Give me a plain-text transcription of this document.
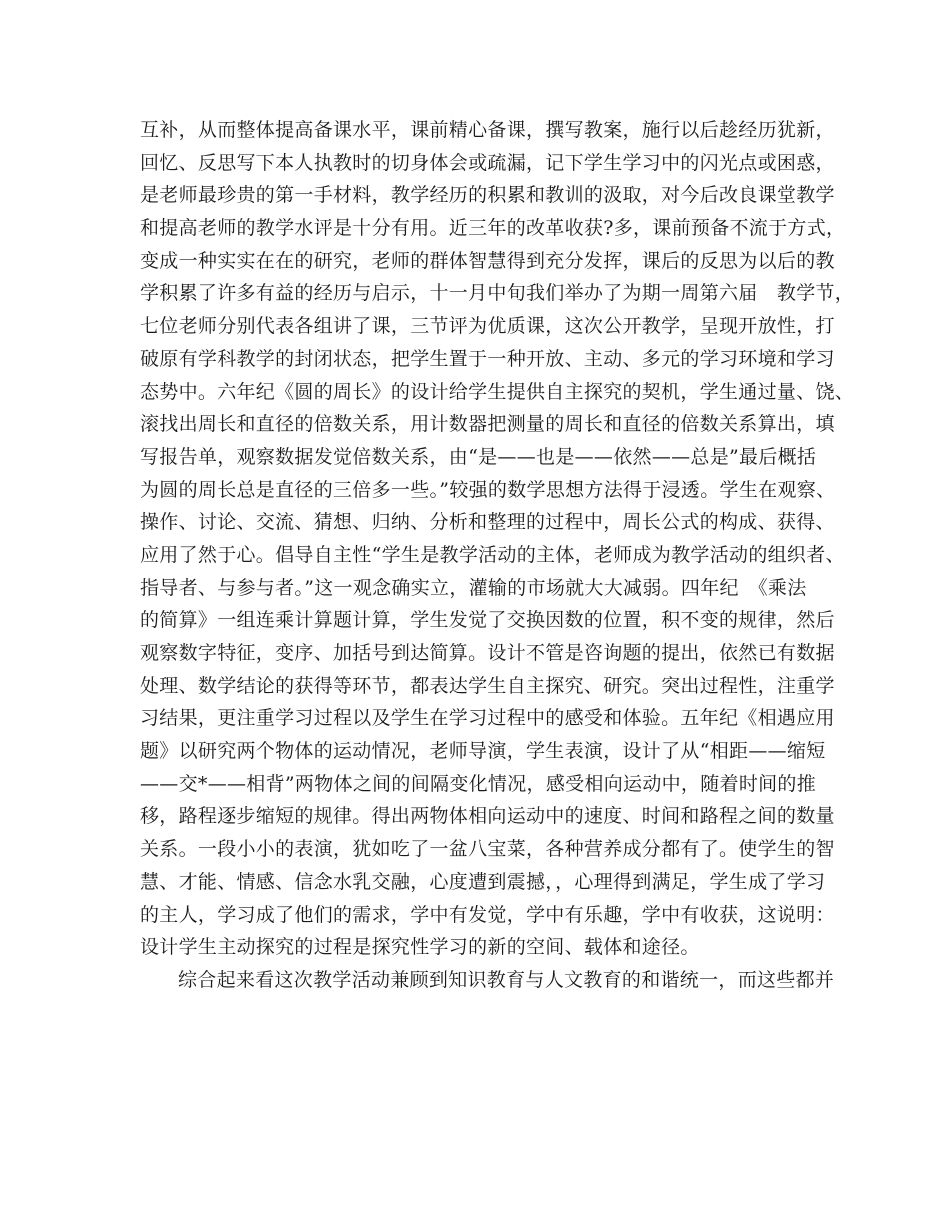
互补，从而整体提高备课水平，课前精心备课，撰写教案，施行以后趁经历犹新，
回忆、反思写下本人执教时的切身体会或疏漏，记下学生学习中的闪光点或困惑，
是老师最珍贵的第一手材料，教学经历的积累和教训的汲取，对今后改良课堂教学
和提高老师的教学水评是十分有用。近三年的改革收获?多，课前预备不流于方式，
变成一种实实在在的研究，老师的群体智慧得到充分发挥，课后的反思为以后的教
学积累了许多有益的经历与启示，十一月中旬我们举办了为期一周第六届　教学节，
七位老师分别代表各组讲了课，三节评为优质课，这次公开教学，呈现开放性，打
破原有学科教学的封闭状态，把学生置于一种开放、主动、多元的学习环境和学习
态势中。六年纪《圆的周长》的设计给学生提供自主探究的契机，学生通过量、饶、
滚找出周长和直径的倍数关系，用计数器把测量的周长和直径的倍数关系算出，填
写报告单，观察数据发觉倍数关系，由“是——也是——依然——总是”最后概括
为圆的周长总是直径的三倍多一些。”较强的数学思想方法得于浸透。学生在观察、
操作、讨论、交流、猜想、归纳、分析和整理的过程中，周长公式的构成、获得、
应用了然于心。倡导自主性“学生是教学活动的主体，老师成为教学活动的组织者、
指导者、与参与者。”这一观念确实立，灌输的市场就大大减弱。四年纪　《乘法
的简算》一组连乘计算题计算，学生发觉了交换因数的位置，积不变的规律，然后
观察数字特征，变序、加括号到达简算。设计不管是咨询题的提出，依然已有数据
处理、数学结论的获得等环节，都表达学生自主探究、研究。突出过程性，注重学
习结果，更注重学习过程以及学生在学习过程中的感受和体验。五年纪《相遇应用
题》以研究两个物体的运动情况，老师导演，学生表演，设计了从“相距——缩短
——交*——相背”两物体之间的间隔变化情况，感受相向运动中，随着时间的推
移，路程逐步缩短的规律。得出两物体相向运动中的速度、时间和路程之间的数量
关系。一段小小的表演，犹如吃了一盆八宝菜，各种营养成分都有了。使学生的智
慧、才能、情感、信念水乳交融，心度遭到震撼，，心理得到满足，学生成了学习
的主人，学习成了他们的需求，学中有发觉，学中有乐趣，学中有收获，这说明：
设计学生主动探究的过程是探究性学习的新的空间、载体和途径。
综合起来看这次教学活动兼顾到知识教育与人文教育的和谐统一，而这些都并
